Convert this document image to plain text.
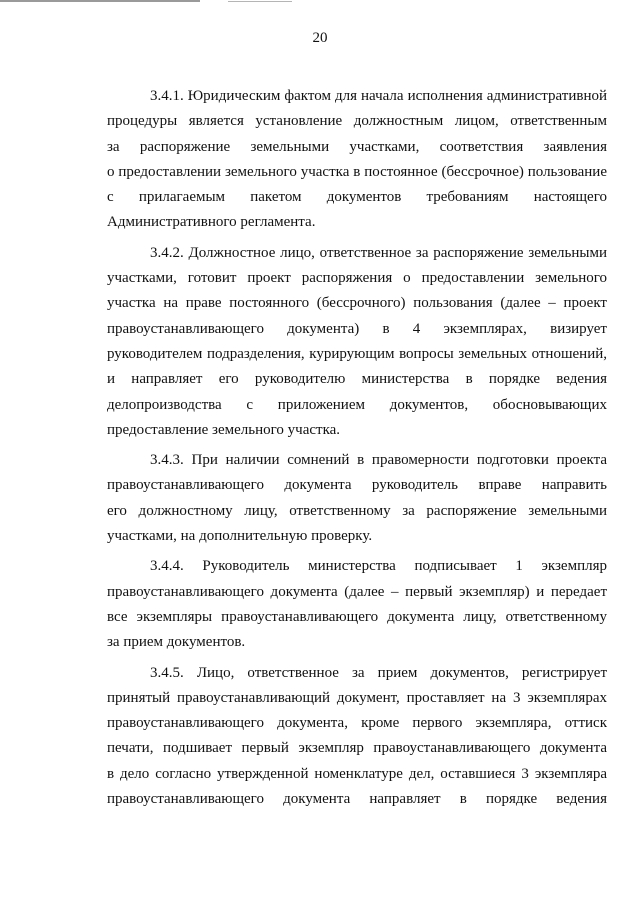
20

3.4.1. Юридическим фактом для начала исполнения административной
процедуры является установление должностным лицом, ответственным
за распоряжение земельными участками, соответствия заявления
о предоставлении земельного участка в постоянное (бессрочное) пользование
с прилагаемым пакетом документов требованиям настоящего
Административного регламента.

3.4.2. Должностное лицо, ответственное за распоряжение земельными
участками, готовит проект распоряжения о предоставлении земельного
участка на праве постоянного (бессрочного) пользования (далее – проект
правоустанавливающего документа) в 4 экземплярах, визирует
руководителем подразделения, курирующим вопросы земельных отношений,
и направляет его руководителю министерства в порядке ведения
делопроизводства с приложением документов, обосновывающих
предоставление земельного участка.

3.4.3. При наличии сомнений в правомерности подготовки проекта
правоустанавливающего документа руководитель вправе направить
его должностному лицу, ответственному за распоряжение земельными
участками, на дополнительную проверку.

3.4.4. Руководитель министерства подписывает 1 экземпляр
правоустанавливающего документа (далее – первый экземпляр) и передает
все экземпляры правоустанавливающего документа лицу, ответственному
за прием документов.

3.4.5. Лицо, ответственное за прием документов, регистрирует
принятый правоустанавливающий документ, проставляет на 3 экземплярах
правоустанавливающего документа, кроме первого экземпляра, оттиск
печати, подшивает первый экземпляр правоустанавливающего документа
в дело согласно утвержденной номенклатуре дел, оставшиеся 3 экземпляра
правоустанавливающего документа направляет в порядке ведения
